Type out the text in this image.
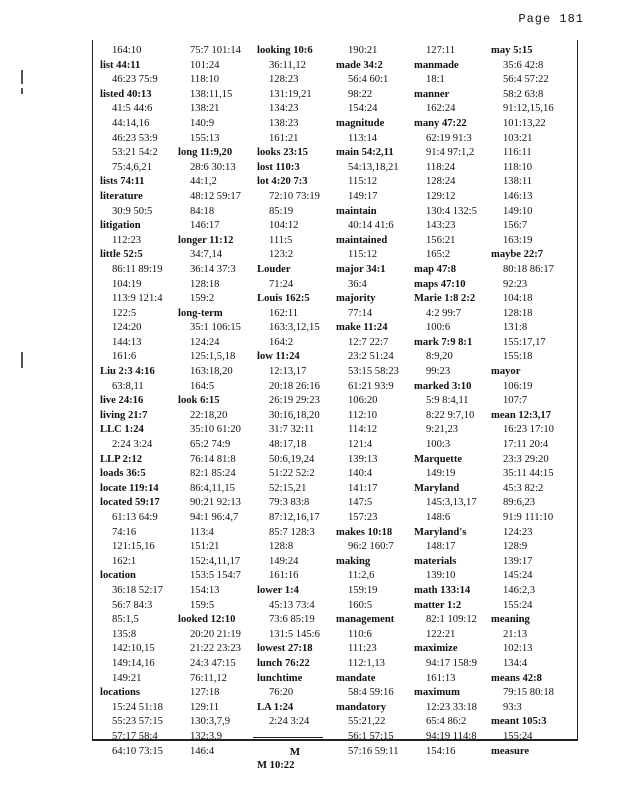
Page 181
164:10
list 44:11
46:23 75:9
listed 40:13
41:5 44:6
44:14,16
46:23 53:9
53:21 54:2
75:4,6,21
lists 74:11
literature
30:9 50:5
litigation
112:23
little 52:5
86:11 89:19
104:19
113:9 121:4
122:5
124:20
144:13
161:6
Liu 2:3 4:16
63:8,11
live 24:16
living 21:7
LLC 1:24
2:24 3:24
LLP 2:12
loads 36:5
locate 119:14
located 59:17
61:13 64:9
74:16
121:15,16
162:1
location
36:18 52:17
56:7 84:3
85:1,5
135:8
142:10,15
149:14,16
149:21
locations
15:24 51:18
55:23 57:15
57:17 58:4
64:10 73:15
75:7 101:14
101:24
118:10
138:11,15
138:21
140:9
155:13
long 11:9,20
28:6 30:13
44:1,2
48:12 59:17
84:18
146:17
longer 11:12
34:7,14
36:14 37:3
128:18
159:2
long-term
35:1 106:15
124:24
125:1,5,18
163:18,20
164:5
look 6:15
22:18,20
35:10 61:20
65:2 74:9
76:14 81:8
82:1 85:24
86:4,11,15
90:21 92:13
94:1 96:4,7
113:4
151:21
152:4,11,17
153:5 154:7
154:13
159:5
looked 12:10
20:20 21:19
21:22 23:23
24:3 47:15
76:11,12
127:18
129:11
130:3,7,9
132:3,9
146:4
looking 10:6
36:11,12
128:23
131:19,21
134:23
138:23
161:21
looks 23:15
lost 110:3
lot 4:20 7:3
72:10 73:19
85:19
104:12
111:5
123:2
Louder
71:24
Louis 162:5
162:11
163:3,12,15
164:2
low 11:24
12:13,17
20:18 26:16
26:19 29:23
30:16,18,20
31:7 32:11
48:17,18
50:6,19,24
51:22 52:2
52:15,21
79:3 83:8
87:12,16,17
85:7 128:3
128:8
149:24
161:16
lower 1:4
45:13 73:4
73:6 85:19
131:5 145:6
lowest 27:18
lunch 76:22
lunchtime
76:20
LA 1:24
2:24 3:24
M
M 10:22
190:21
made 34:2
56:4 60:1
98:22
154:24
magnitude
113:14
main 54:2,11
54:13,18,21
115:12
149:17
maintain
40:14 41:6
maintained
115:12
major 34:1
36:4
majority
77:14
make 11:24
12:7 22:7
23:2 51:24
53:15 58:23
61:21 93:9
106:20
112:10
114:12
121:4
139:13
140:4
141:17
147:5
157:23
makes 10:18
96:2 160:7
making
11:2,6
159:19
160:5
management
110:6
111:23
112:1,13
mandate
58:4 59:16
mandatory
55:21,22
56:1 57:15
57:16 59:11
127:11
manmade
18:1
manner
162:24
many 47:22
62:19 91:3
91:4 97:1,2
118:24
128:24
129:12
130:4 132:5
143:23
156:21
165:2
map 47:8
maps 47:10
Marie 1:8 2:2
4:2 99:7
100:6
mark 7:9 8:1
8:9,20
99:23
marked 3:10
5:9 8:4,11
8:22 9:7,10
9:21,23
100:3
Marquette
149:19
Maryland
145:3,13,17
148:6
Maryland's
148:17
materials
139:10
math 133:14
matter 1:2
82:1 109:12
122:21
maximize
94:17 158:9
161:13
maximum
12:23 33:18
65:4 86:2
94:19 114:8
154:16
may 5:15
35:6 42:8
56:4 57:22
58:2 63:8
91:12,15,16
101:13,22
103:21
116:11
118:10
138:11
146:13
149:10
156:7
163:19
maybe 22:7
80:18 86:17
92:23
104:18
128:18
131:8
155:17,17
155:18
mayor
106:19
107:7
mean 12:3,17
16:23 17:10
17:11 20:4
23:3 29:20
35:11 44:15
45:3 82:2
89:6,23
91:9 111:10
124:23
128:9
139:17
145:24
146:2,3
155:24
meaning
21:13
102:13
134:4
means 42:8
79:15 80:18
93:3
meant 105:3
155:24
measure
